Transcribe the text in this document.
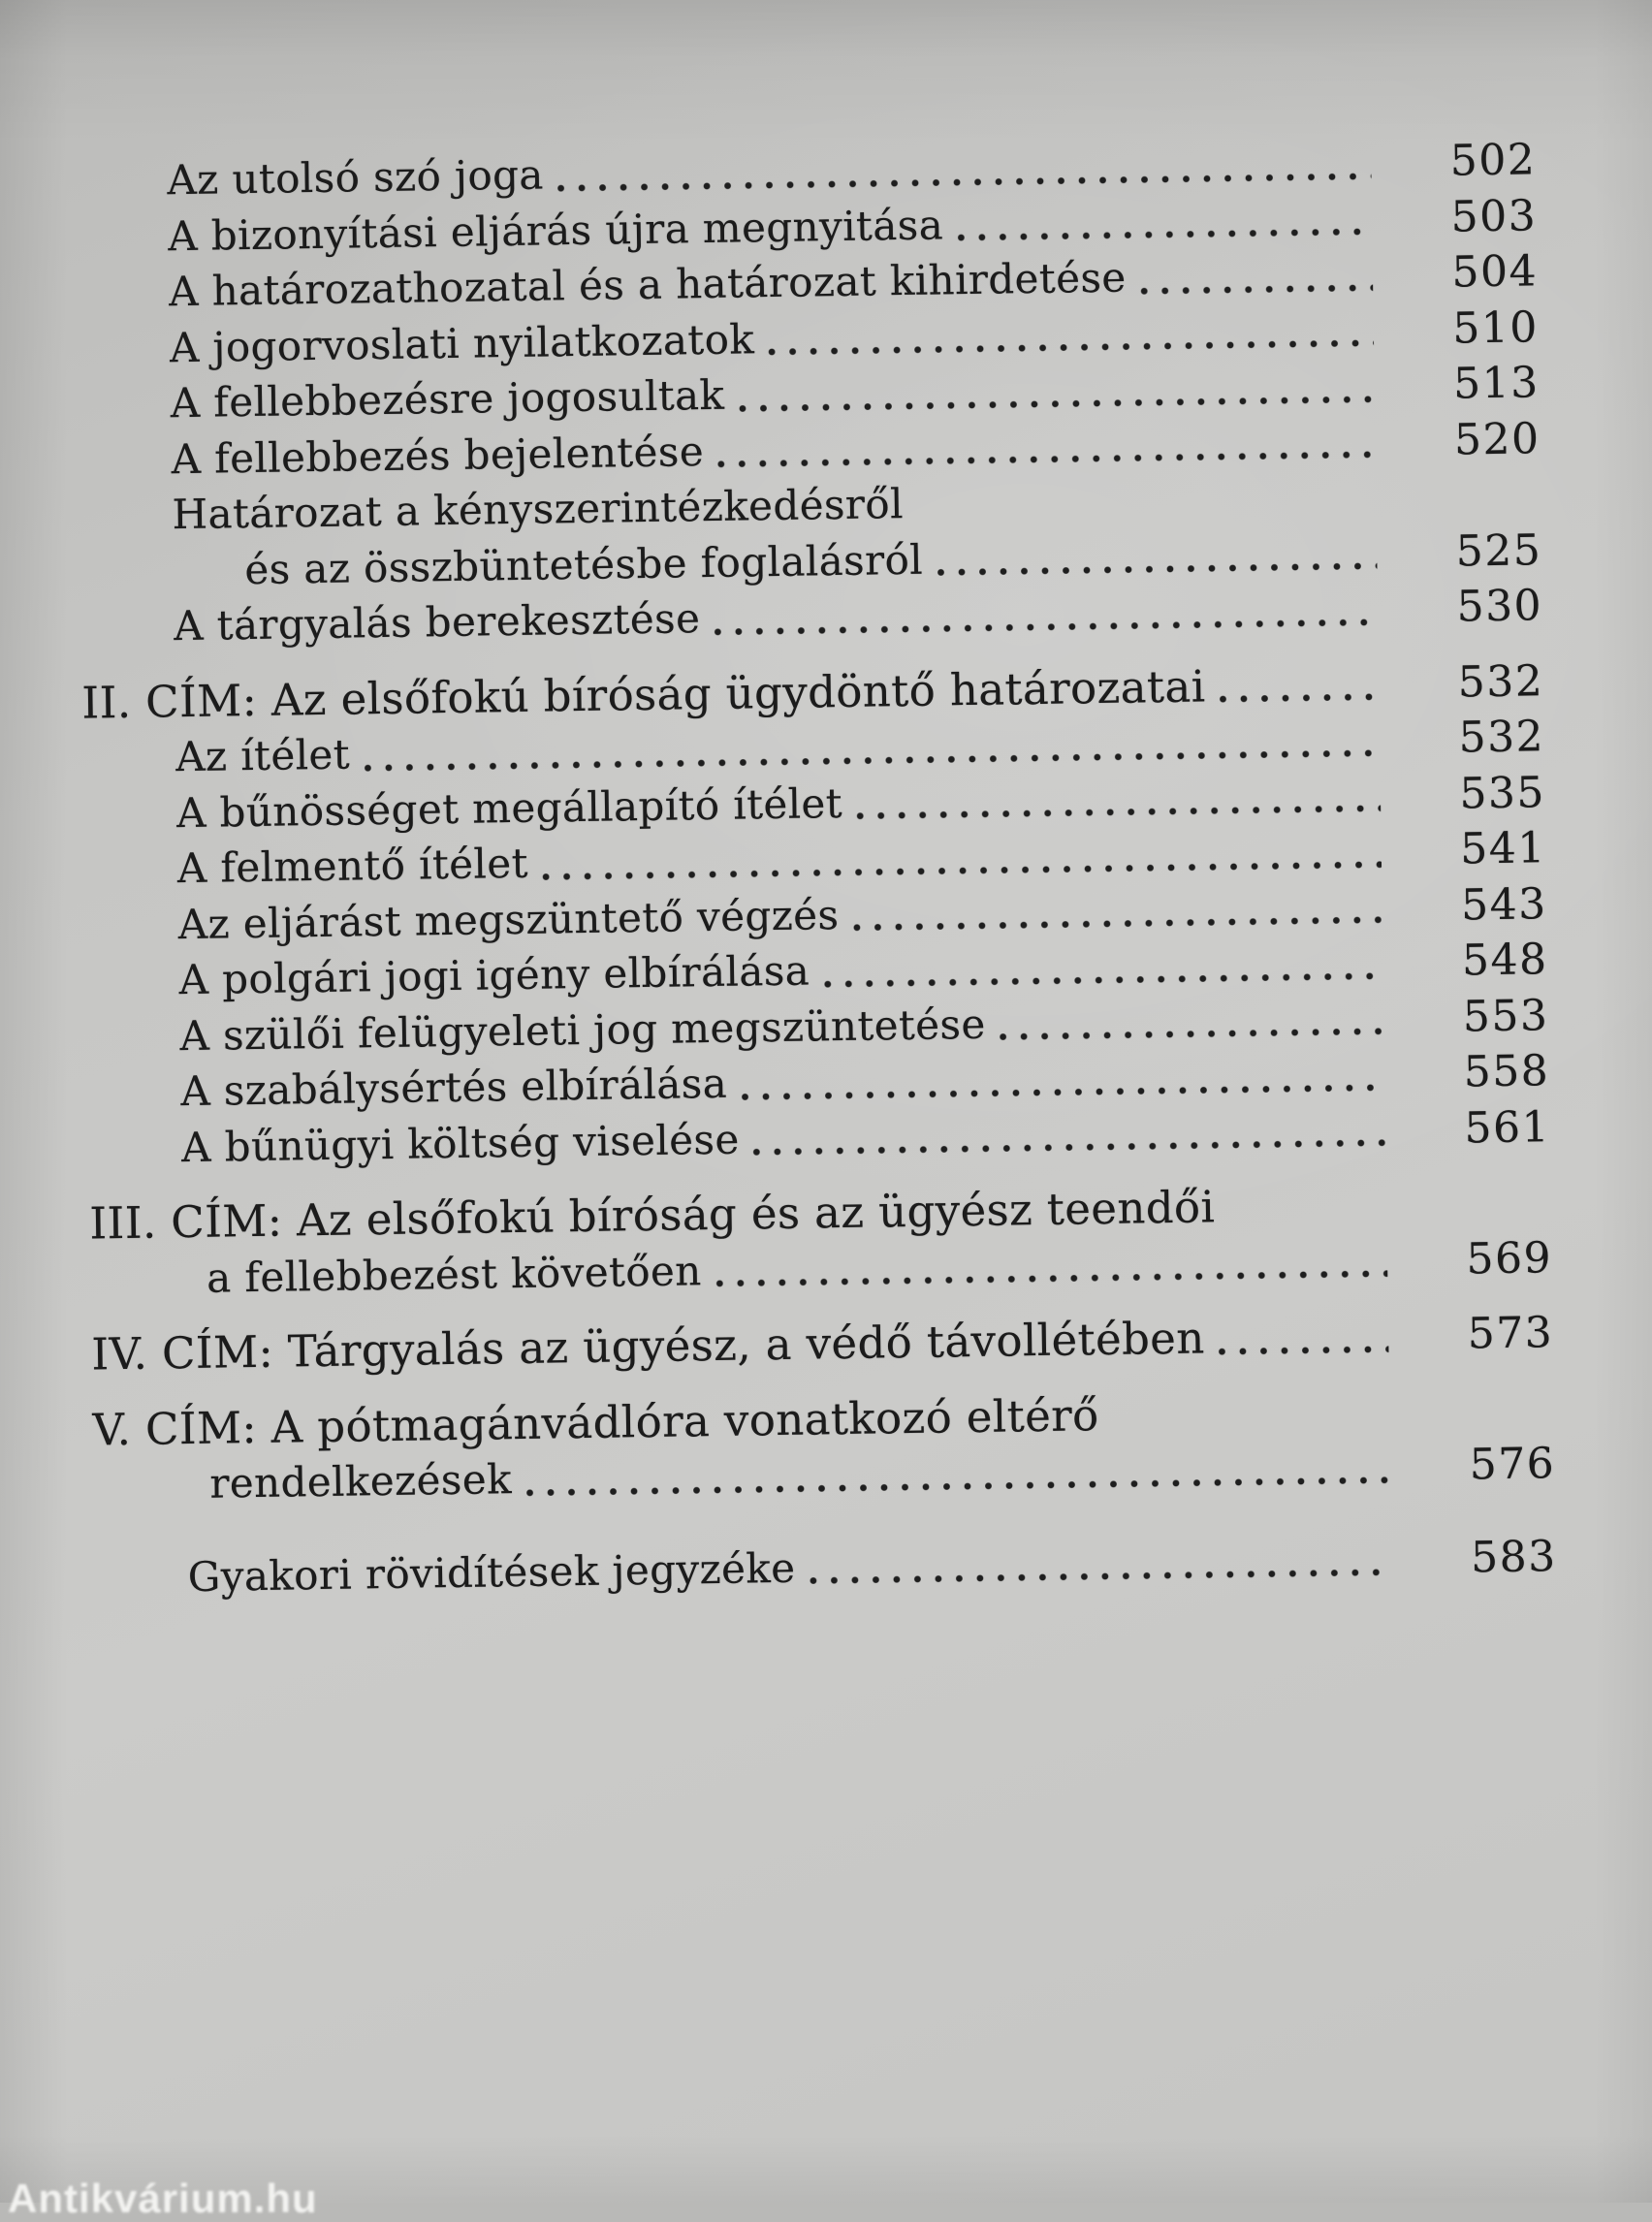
Az utolsó szó joga	502
A bizonyítási eljárás újra megnyitása	503
A határozathozatal és a határozat kihirdetése	504
A jogorvoslati nyilatkozatok	510
A fellebbezésre jogosultak	513
A fellebbezés bejelentése	520
Határozat a kényszerintézkedésről
és az összbüntetésbe foglalásról	525
A tárgyalás berekesztése	530
II. CÍM: Az elsőfokú bíróság ügydöntő határozatai	532
Az ítélet	532
A bűnösséget megállapító ítélet	535
A felmentő ítélet	541
Az eljárást megszüntető végzés	543
A polgári jogi igény elbírálása	548
A szülői felügyeleti jog megszüntetése	553
A szabálysértés elbírálása	558
A bűnügyi költség viselése	561
III. CÍM: Az elsőfokú bíróság és az ügyész teendői
a fellebbezést követően	569
IV. CÍM: Tárgyalás az ügyész, a védő távollétében	573
V. CÍM: A pótmagánvádlóra vonatkozó eltérő
rendelkezések	576
Gyakori rövidítések jegyzéke	583
Antikvárium.hu
